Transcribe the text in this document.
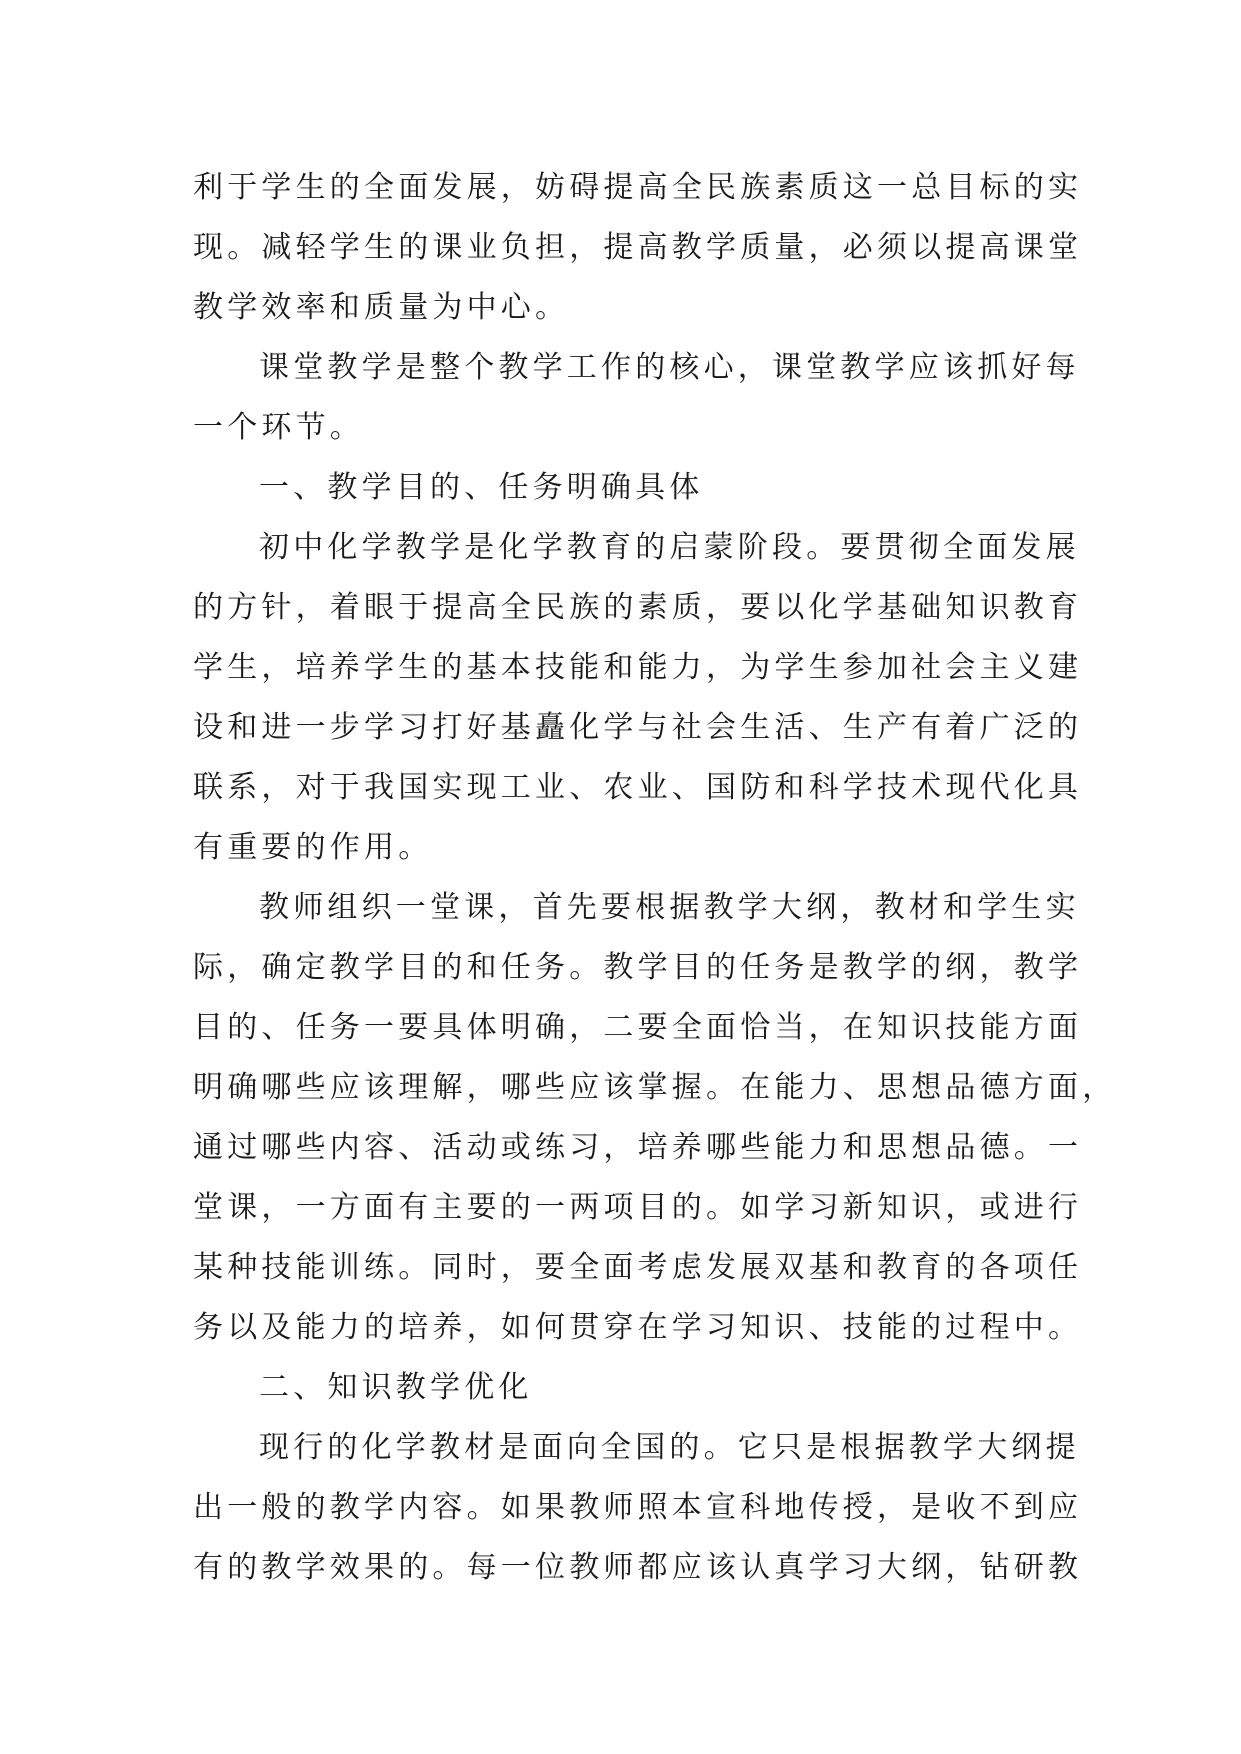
利于学生的全面发展，妨碍提高全民族素质这一总目标的实
现。减轻学生的课业负担，提高教学质量，必须以提高课堂
教学效率和质量为中心。
课堂教学是整个教学工作的核心，课堂教学应该抓好每
一个环节。
一、教学目的、任务明确具体
初中化学教学是化学教育的启蒙阶段。要贯彻全面发展
的方针，着眼于提高全民族的素质，要以化学基础知识教育
学生，培养学生的基本技能和能力，为学生参加社会主义建
设和进一步学习打好基矗化学与社会生活、生产有着广泛的
联系，对于我国实现工业、农业、国防和科学技术现代化具
有重要的作用。
教师组织一堂课，首先要根据教学大纲，教材和学生实
际，确定教学目的和任务。教学目的任务是教学的纲，教学
目的、任务一要具体明确，二要全面恰当，在知识技能方面
明确哪些应该理解，哪些应该掌握。在能力、思想品德方面，
通过哪些内容、活动或练习，培养哪些能力和思想品德。一
堂课，一方面有主要的一两项目的。如学习新知识，或进行
某种技能训练。同时，要全面考虑发展双基和教育的各项任
务以及能力的培养，如何贯穿在学习知识、技能的过程中。
二、知识教学优化
现行的化学教材是面向全国的。它只是根据教学大纲提
出一般的教学内容。如果教师照本宣科地传授，是收不到应
有的教学效果的。每一位教师都应该认真学习大纲，钻研教
